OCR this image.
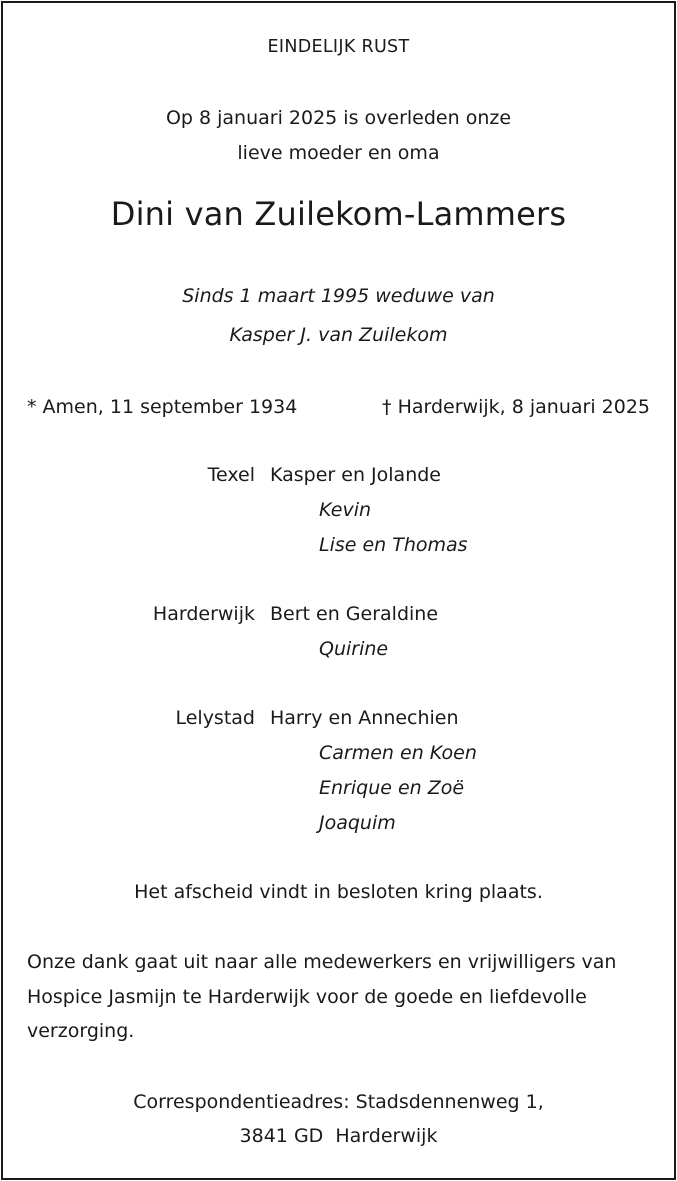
EINDELIJK RUST
Op 8 januari 2025 is overleden onze
lieve moeder en oma
Dini van Zuilekom-Lammers
Sinds 1 maart 1995 weduwe van
Kasper J. van Zuilekom
* Amen, 11 september 1934	† Harderwijk, 8 januari 2025
Texel Kasper en Jolande
Kevin
Lise en Thomas
Harderwijk Bert en Geraldine
Quirine
Lelystad Harry en Annechien
Carmen en Koen
Enrique en Zoë
Joaquim
Het afscheid vindt in besloten kring plaats.
Onze dank gaat uit naar alle medewerkers en vrijwilligers van
Hospice Jasmijn te Harderwijk voor de goede en liefdevolle
verzorging.
Correspondentieadres: Stadsdennenweg 1,
3841 GD  Harderwijk
